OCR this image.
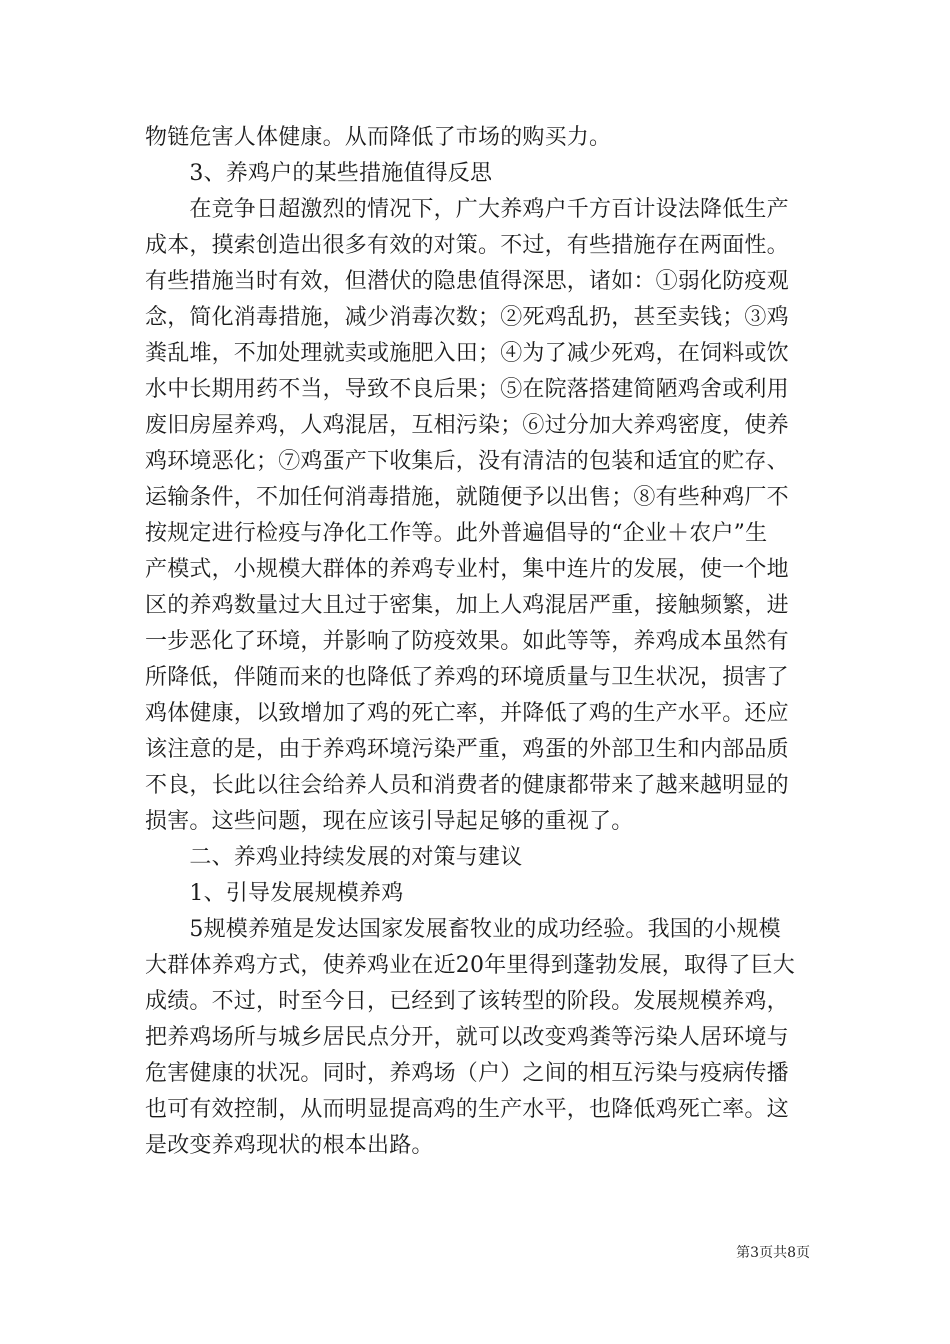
物链危害人体健康。从而降低了市场的购买力。
　　3、养鸡户的某些措施值得反思
　　在竞争日超激烈的情况下，广大养鸡户千方百计设法降低生产
成本，摸索创造出很多有效的对策。不过，有些措施存在两面性。
有些措施当时有效，但潜伏的隐患值得深思，诸如：①弱化防疫观
念，简化消毒措施，减少消毒次数；②死鸡乱扔，甚至卖钱；③鸡
粪乱堆，不加处理就卖或施肥入田；④为了减少死鸡，在饲料或饮
水中长期用药不当，导致不良后果；⑤在院落搭建简陋鸡舍或利用
废旧房屋养鸡，人鸡混居，互相污染；⑥过分加大养鸡密度，使养
鸡环境恶化；⑦鸡蛋产下收集后，没有清洁的包装和适宜的贮存、
运输条件，不加任何消毒措施，就随便予以出售；⑧有些种鸡厂不
按规定进行检疫与净化工作等。此外普遍倡导的“企业＋农户”生
产模式，小规模大群体的养鸡专业村，集中连片的发展，使一个地
区的养鸡数量过大且过于密集，加上人鸡混居严重，接触频繁，进
一步恶化了环境，并影响了防疫效果。如此等等，养鸡成本虽然有
所降低，伴随而来的也降低了养鸡的环境质量与卫生状况，损害了
鸡体健康，以致增加了鸡的死亡率，并降低了鸡的生产水平。还应
该注意的是，由于养鸡环境污染严重，鸡蛋的外部卫生和内部品质
不良，长此以往会给养人员和消费者的健康都带来了越来越明显的
损害。这些问题，现在应该引导起足够的重视了。
　　二、养鸡业持续发展的对策与建议
　　1、引导发展规模养鸡
　　5规模养殖是发达国家发展畜牧业的成功经验。我国的小规模
大群体养鸡方式，使养鸡业在近20年里得到蓬勃发展，取得了巨大
成绩。不过，时至今日，已经到了该转型的阶段。发展规模养鸡，
把养鸡场所与城乡居民点分开，就可以改变鸡粪等污染人居环境与
危害健康的状况。同时，养鸡场（户）之间的相互污染与疫病传播
也可有效控制，从而明显提高鸡的生产水平，也降低鸡死亡率。这
是改变养鸡现状的根本出路。
第3页共8页
